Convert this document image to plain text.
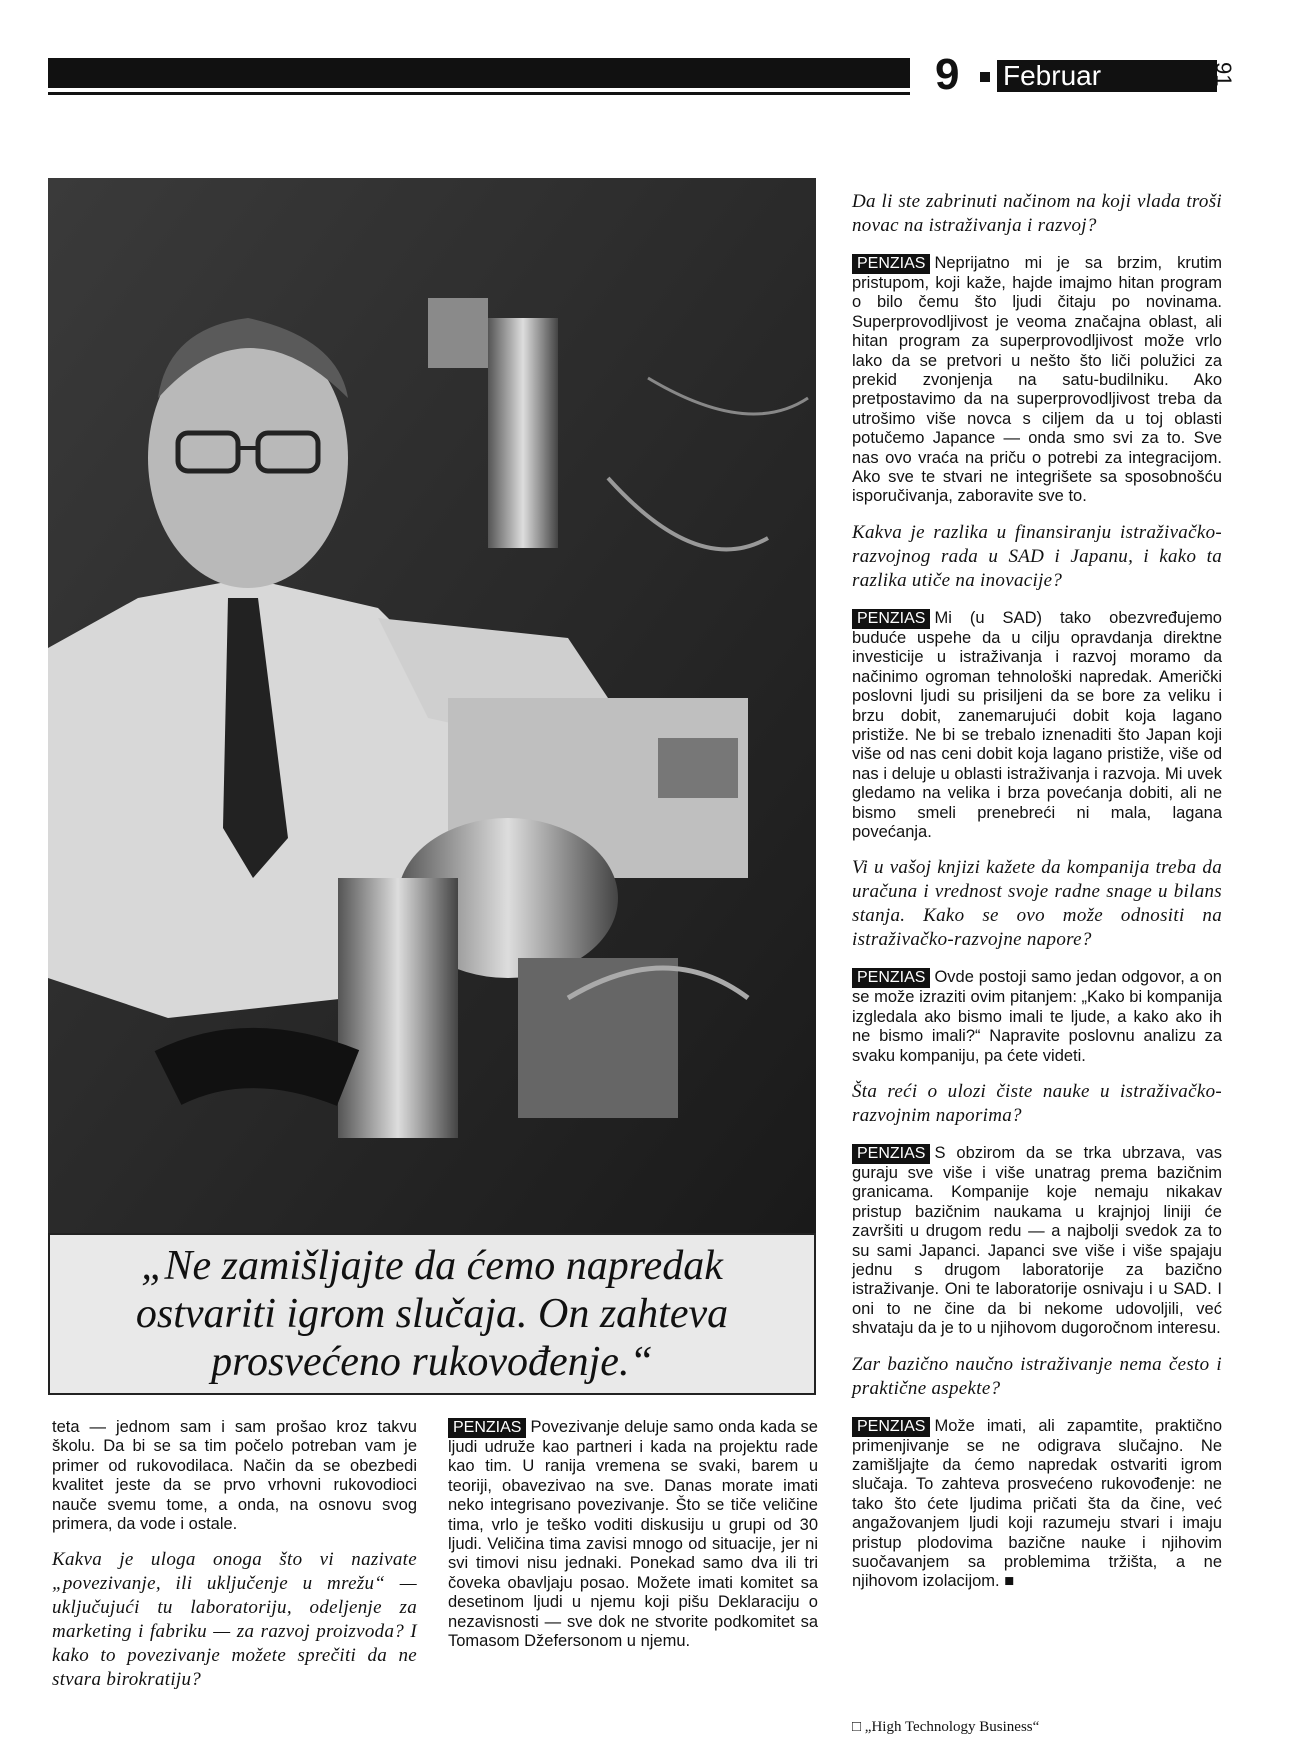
9 Februar 1990.
91
„Ne zamišljajte da ćemo napredak ostvariti igrom slučaja. On zahteva prosvećeno rukovođenje.“

Da li ste zabrinuti načinom na koji vlada troši novac na istraživanja i razvoj?

PENZIAS Neprijatno mi je sa brzim, krutim pristupom, koji kaže, hajde imajmo hitan program o bilo čemu što ljudi čitaju po novinama. Superprovodljivost je veoma značajna oblast, ali hitan program za superprovodljivost može vrlo lako da se pretvori u nešto što liči polužici za prekid zvonjenja na satu-budilniku. Ako pretpostavimo da na superprovodljivost treba da utrošimo više novca s ciljem da u toj oblasti potučemo Japance — onda smo svi za to. Sve nas ovo vraća na priču o potrebi za integracijom. Ako sve te stvari ne integrišete sa sposobnošću isporučivanja, zaboravite sve to.

Kakva je razlika u finansiranju istraživačko-razvojnog rada u SAD i Japanu, i kako ta razlika utiče na inovacije?

PENZIAS Mi (u SAD) tako obezvređujemo buduće uspehe da u cilju opravdanja direktne investicije u istraživanja i razvoj moramo da načinimo ogroman tehnološki napredak. Američki poslovni ljudi su prisiljeni da se bore za veliku i brzu dobit, zanemarujući dobit koja lagano pristiže. Ne bi se trebalo iznenaditi što Japan koji više od nas ceni dobit koja lagano pristiže, više od nas i deluje u oblasti istraživanja i razvoja. Mi uvek gledamo na velika i brza povećanja dobiti, ali ne bismo smeli prenebreći ni mala, lagana povećanja.

Vi u vašoj knjizi kažete da kompanija treba da uračuna i vrednost svoje radne snage u bilans stanja. Kako se ovo može odnositi na istraživačko-razvojne napore?

PENZIAS Ovde postoji samo jedan odgovor, a on se može izraziti ovim pitanjem: „Kako bi kompanija izgledala ako bismo imali te ljude, a kako ako ih ne bismo imali?“ Napravite poslovnu analizu za svaku kompaniju, pa ćete videti.

Šta reći o ulozi čiste nauke u istraživačko-razvojnim naporima?

PENZIAS S obzirom da se trka ubrzava, vas guraju sve više i više unatrag prema bazičnim granicama. Kompanije koje nemaju nikakav pristup bazičnim naukama u krajnjoj liniji će završiti u drugom redu — a najbolji svedok za to su sami Japanci. Japanci sve više i više spajaju jednu s drugom laboratorije za bazično istraživanje. Oni te laboratorije osnivaju i u SAD. I oni to ne čine da bi nekome udovoljili, već shvataju da je to u njihovom dugoročnom interesu.

Zar bazično naučno istraživanje nema često i praktične aspekte?

PENZIAS Može imati, ali zapamtite, praktično primenjivanje se ne odigrava slučajno. Ne zamišljajte da ćemo napredak ostvariti igrom slučaja. To zahteva prosvećeno rukovođenje: ne tako što ćete ljudima pričati šta da čine, već angažovanjem ljudi koji razumeju stvari i imaju pristup plodovima bazične nauke i njihovim suočavanjem sa problemima tržišta, a ne njihovom izolacijom. ■

teta — jednom sam i sam prošao kroz takvu školu. Da bi se sa tim počelo potreban vam je primer od rukovodilaca. Način da se obezbedi kvalitet jeste da se prvo vrhovni rukovodioci nauče svemu tome, a onda, na osnovu svog primera, da vode i ostale.

Kakva je uloga onoga što vi nazivate „povezivanje, ili uključenje u mrežu“ — uključujući tu laboratoriju, odeljenje za marketing i fabriku — za razvoj proizvoda? I kako to povezivanje možete sprečiti da ne stvara birokratiju?

PENZIAS Povezivanje deluje samo onda kada se ljudi udruže kao partneri i kada na projektu rade kao tim. U ranija vremena se svaki, barem u teoriji, obavezivao na sve. Danas morate imati neko integrisano povezivanje. Što se tiče veličine tima, vrlo je teško voditi diskusiju u grupi od 30 ljudi. Veličina tima zavisi mnogo od situacije, jer ni svi timovi nisu jednaki. Ponekad samo dva ili tri čoveka obavljaju posao. Možete imati komitet sa desetinom ljudi u njemu koji pišu Deklaraciju o nezavisnosti — sve dok ne stvorite podkomitet sa Tomasom Džefersonom u njemu.

□ „High Technology Business“
